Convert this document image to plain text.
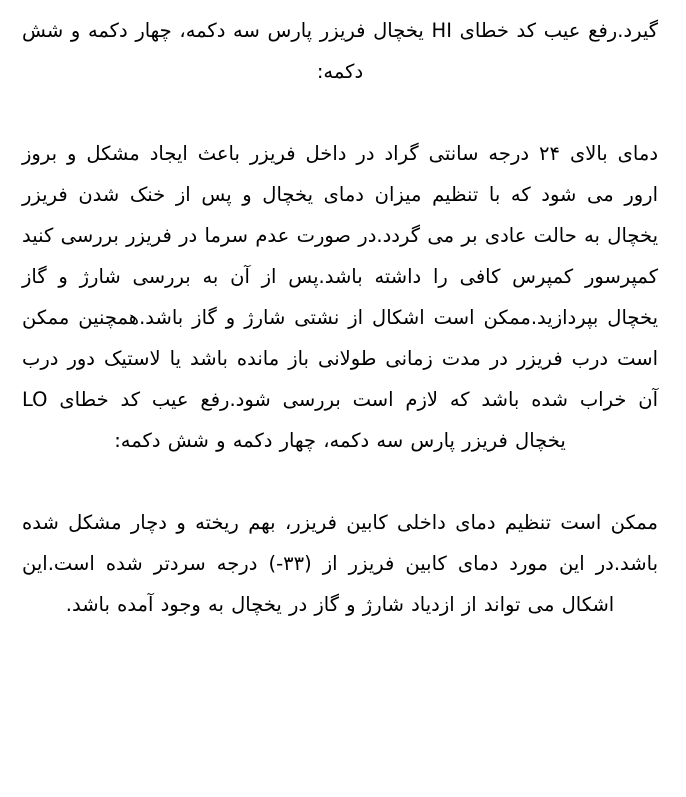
گیرد.رفع عیب کد خطای HI یخچال فریزر پارس سه دکمه، چهار دکمه و شش دکمه:

دمای بالای ۲۴ درجه سانتی گراد در داخل فریزر باعث ایجاد مشکل و بروز ارور می شود که با تنظیم میزان دمای یخچال و پس از خنک شدن فریزر یخچال به حالت عادی بر می گردد.در صورت عدم سرما در فریزر بررسی کنید کمپرسور کمپرس کافی را داشته باشد.پس از آن به بررسی شارژ و گاز یخچال بپردازید.ممکن است اشکال از نشتی شارژ و گاز باشد.همچنین ممکن است درب فریزر در مدت زمانی طولانی باز مانده باشد یا لاستیک دور درب آن خراب شده باشد که لازم است بررسی شود.رفع عیب کد خطای LO یخچال فریزر پارس سه دکمه، چهار دکمه و شش دکمه:

ممکن است تنظیم دمای داخلی کابین فریزر، بهم ریخته و دچار مشکل شده باشد.در این مورد دمای کابین فریزر از (۳۳-) درجه سردتر شده است.این اشکال می تواند از ازدیاد شارژ و گاز در یخچال به وجود آمده باشد.
